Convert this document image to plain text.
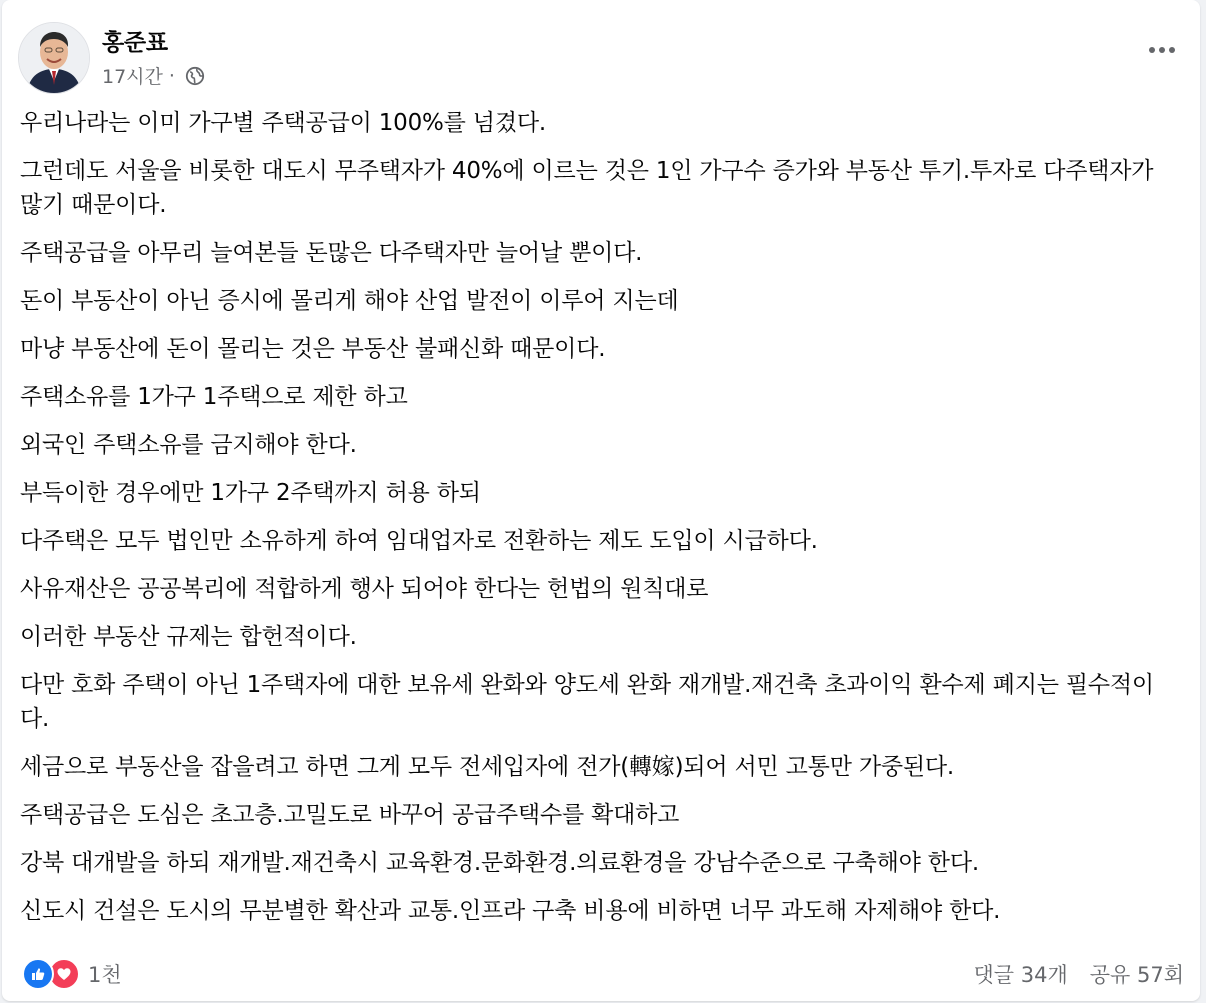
홍준표
17시간 ·

우리나라는 이미 가구별 주택공급이 100%를 넘겼다.

그런데도 서울을 비롯한 대도시 무주택자가 40%에 이르는 것은 1인 가구수 증가와 부동산 투기.투자로 다주택자가 많기 때문이다.

주택공급을 아무리 늘여본들 돈많은 다주택자만 늘어날 뿐이다.

돈이 부동산이 아닌 증시에 몰리게 해야 산업 발전이 이루어 지는데

마냥 부동산에 돈이 몰리는 것은 부동산 불패신화 때문이다.

주택소유를 1가구 1주택으로 제한 하고

외국인 주택소유를 금지해야 한다.

부득이한 경우에만 1가구 2주택까지 허용 하되

다주택은 모두 법인만 소유하게 하여 임대업자로 전환하는 제도 도입이 시급하다.

사유재산은 공공복리에 적합하게 행사 되어야 한다는 헌법의 원칙대로

이러한 부동산 규제는 합헌적이다.

다만 호화 주택이 아닌 1주택자에 대한 보유세 완화와 양도세 완화 재개발.재건축 초과이익 환수제 폐지는 필수적이다.

세금으로 부동산을 잡을려고 하면 그게 모두 전세입자에 전가(轉嫁)되어 서민 고통만 가중된다.

주택공급은 도심은 초고층.고밀도로 바꾸어 공급주택수를 확대하고

강북 대개발을 하되 재개발.재건축시 교육환경.문화환경.의료환경을 강남수준으로 구축해야 한다.

신도시 건설은 도시의 무분별한 확산과 교통.인프라 구축 비용에 비하면 너무 과도해 자제해야 한다.

1천	댓글 34개 공유 57회
